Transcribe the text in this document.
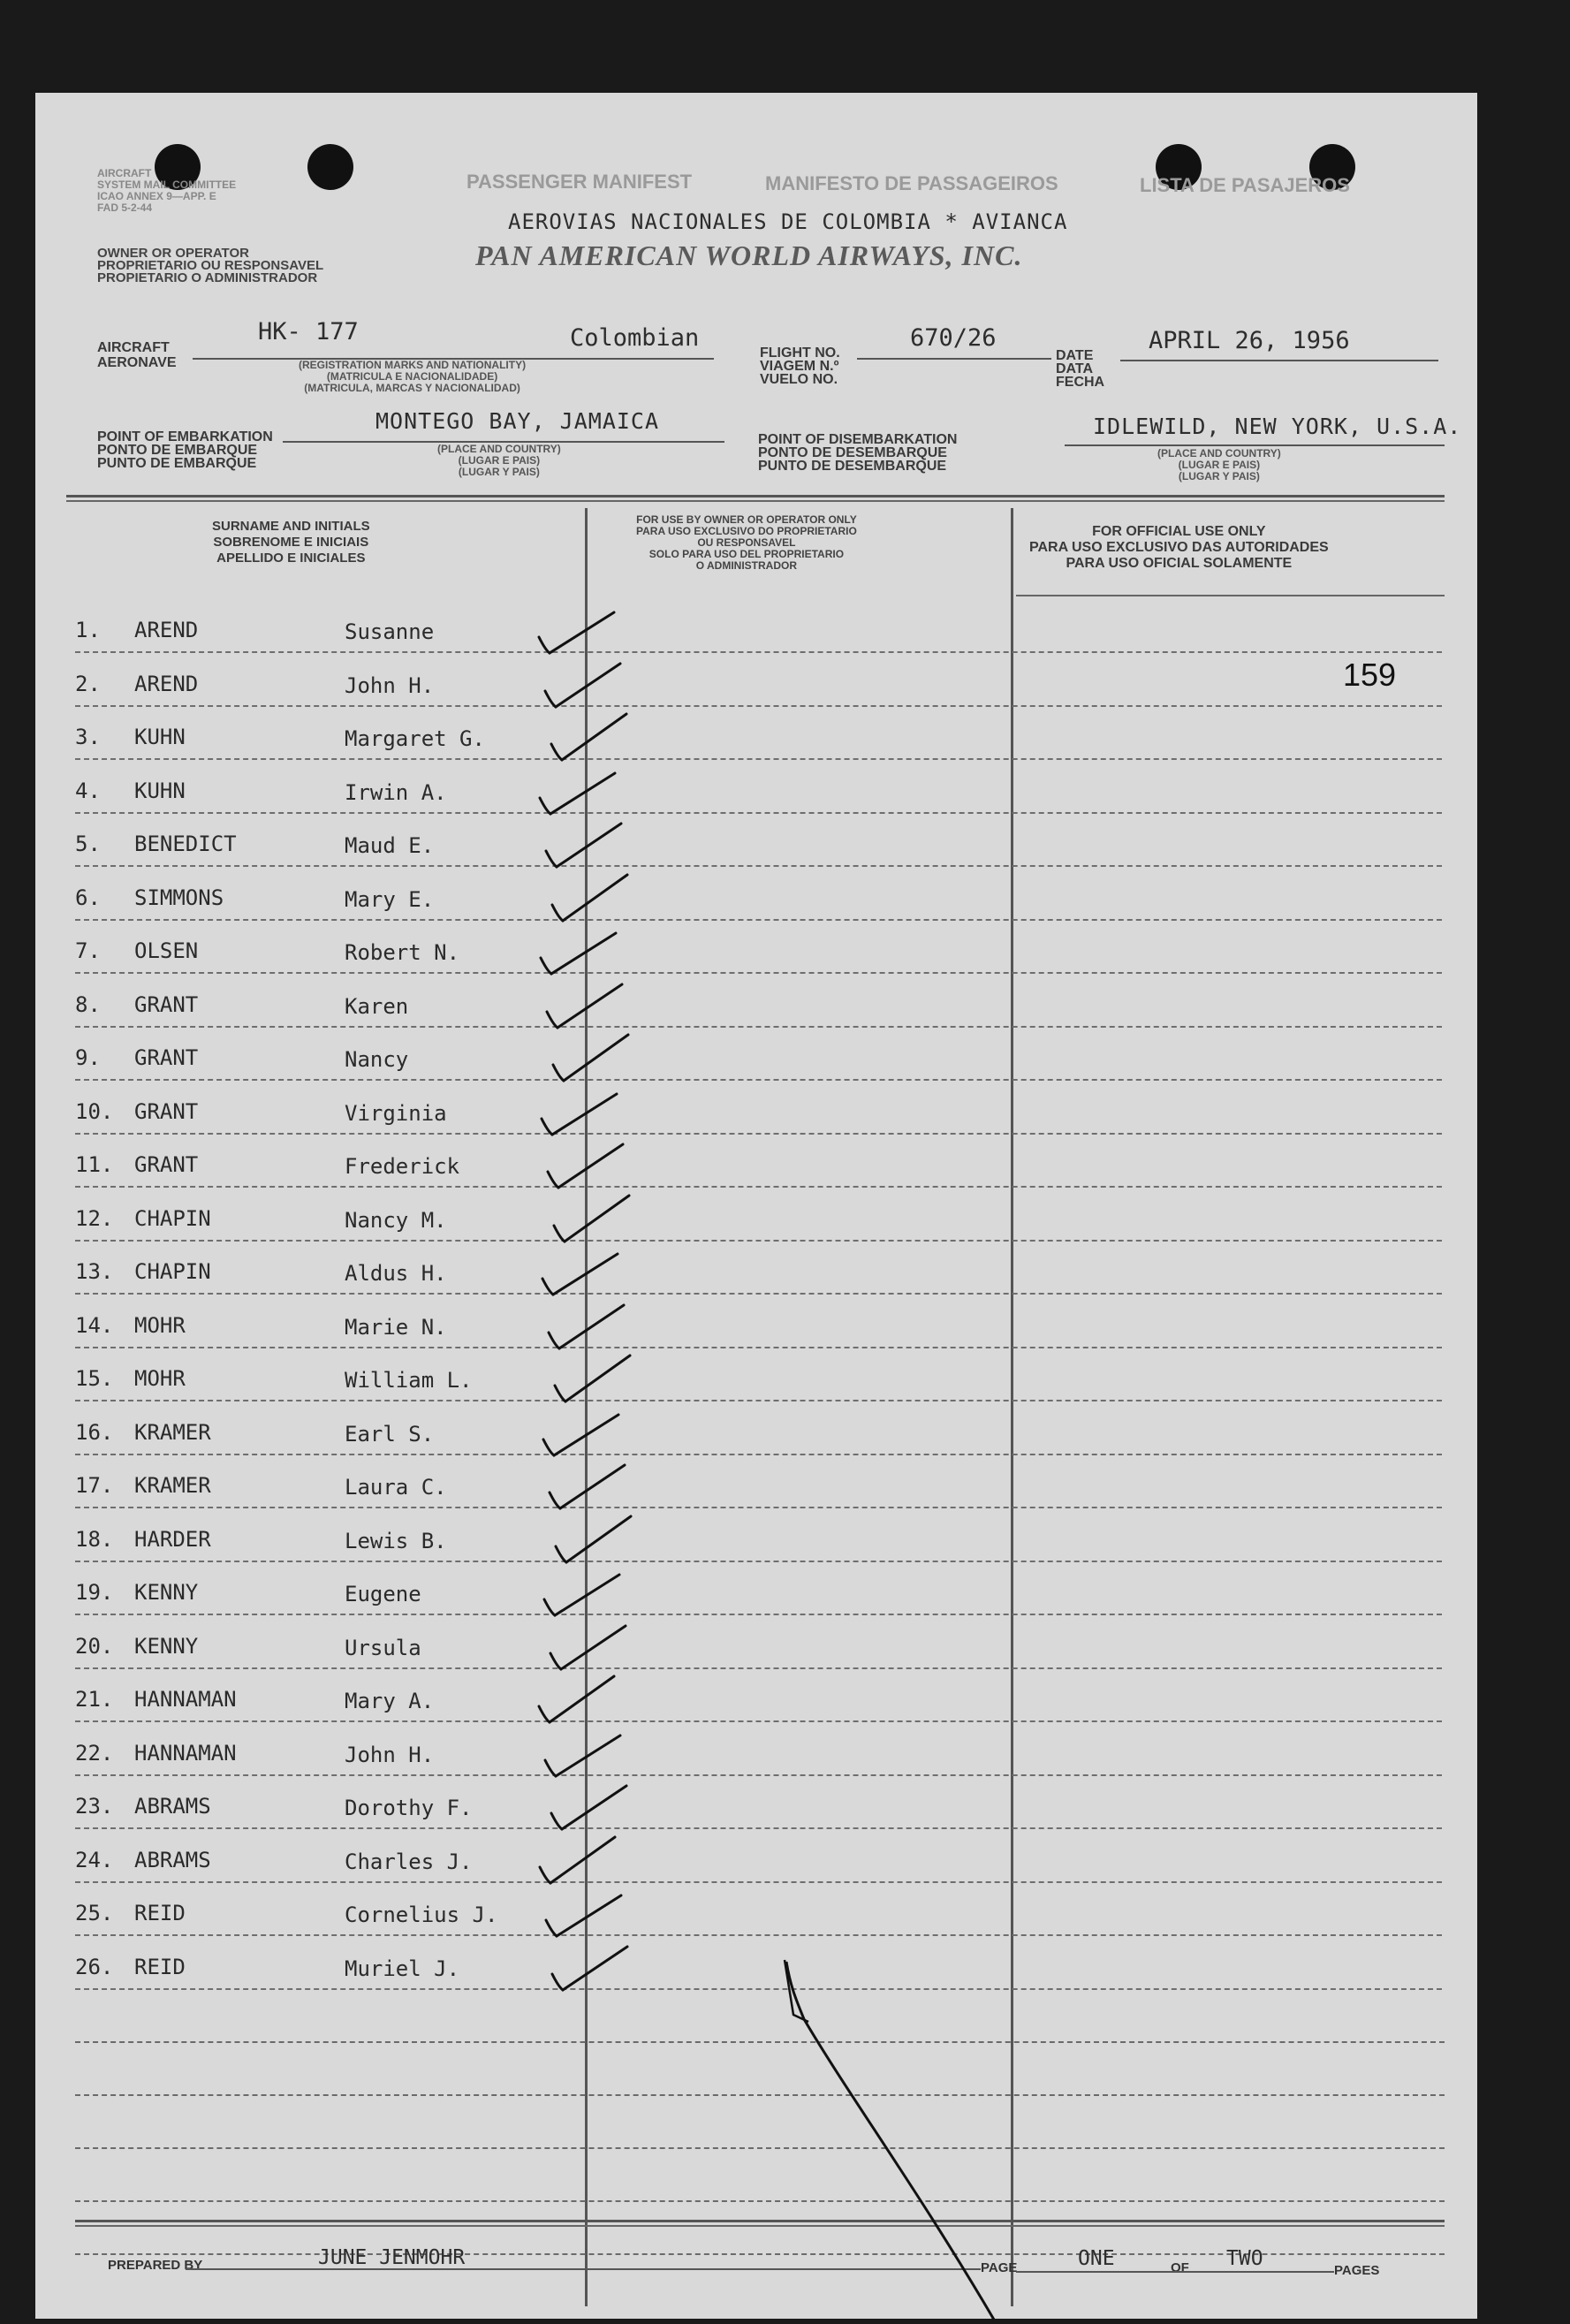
AIRCRAFT
SYSTEM MAIL COMMITTEE
ICAO ANNEX 9—APP. E
FAD 5-2-44
PASSENGER MANIFEST	MANIFESTO DE PASSAGEIROS	LISTA DE PASAJEROS
OWNER OR OPERATOR
PROPRIETARIO OU RESPONSAVEL
PROPIETARIO O ADMINISTRADOR
AEROVIAS NACIONALES DE COLOMBIA * AVIANCA
PAN AMERICAN WORLD AIRWAYS, INC.
AIRCRAFT
AERONAVE
HK- 177	Colombian
(REGISTRATION MARKS AND NATIONALITY)
(MATRICULA E NACIONALIDADE)
(MATRICULA, MARCAS Y NACIONALIDAD)
FLIGHT NO.
VIAGEM N.º
VUELO NO.
670/26
DATE
DATA
FECHA
APRIL 26, 1956
POINT OF EMBARKATION
PONTO DE EMBARQUE
PUNTO DE EMBARQUE
MONTEGO BAY, JAMAICA
(PLACE AND COUNTRY)
(LUGAR E PAIS)
(LUGAR Y PAIS)
POINT OF DISEMBARKATION
PONTO DE DESEMBARQUE
PUNTO DE DESEMBARQUE
IDLEWILD, NEW YORK, U.S.A.
(PLACE AND COUNTRY)
(LUGAR E PAIS)
(LUGAR Y PAIS)
SURNAME AND INITIALS
SOBRENOME E INICIAIS
APELLIDO E INICIALES
FOR USE BY OWNER OR OPERATOR ONLY
PARA USO EXCLUSIVO DO PROPRIETARIO
OU RESPONSAVEL
SOLO PARA USO DEL PROPRIETARIO
O ADMINISTRADOR
FOR OFFICIAL USE ONLY
PARA USO EXCLUSIVO DAS AUTORIDADES
PARA USO OFICIAL SOLAMENTE
1.	AREND	Susanne
2.	AREND	John H.
3.	KUHN	Margaret G.
4.	KUHN	Irwin A.
5.	BENEDICT	Maud E.
6.	SIMMONS	Mary E.
7.	OLSEN	Robert N.
8.	GRANT	Karen
9.	GRANT	Nancy
10. GRANT	Virginia
11. GRANT	Frederick
12. CHAPIN	Nancy M.
13. CHAPIN	Aldus H.
14. MOHR	Marie N.
15. MOHR	William L.
16. KRAMER	Earl S.
17. KRAMER	Laura C.
18. HARDER	Lewis B.
19. KENNY	Eugene
20. KENNY	Ursula
21. HANNAMAN	Mary A.
22. HANNAMAN	John H.
23. ABRAMS	Dorothy F.
24. ABRAMS	Charles J.
25. REID	Cornelius J.
26. REID	Muriel J.
159
PREPARED BY	JUNE JENMOHR	PAGE	ONE	OF TWO
PAGES
